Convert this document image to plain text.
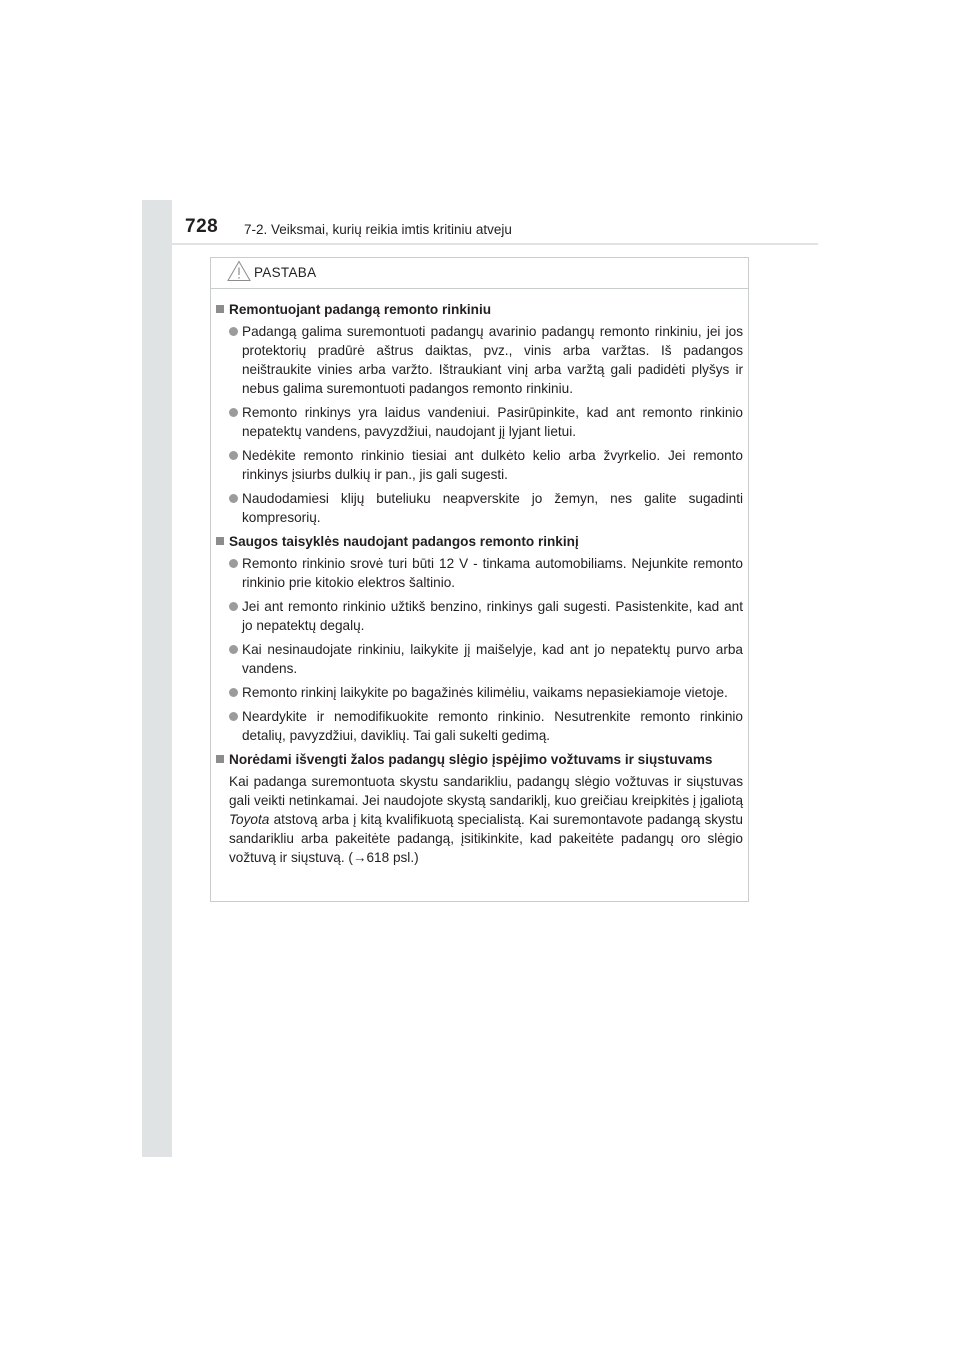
728 7-2. Veiksmai, kurių reikia imtis kritiniu atveju
PASTABA
Remontuojant padangą remonto rinkiniu
Padangą galima suremontuoti padangų avarinio padangų remonto rinkiniu, jei jos protektorių pradūrė aštrus daiktas, pvz., vinis arba varžtas. Iš padangos neištraukite vinies arba varžto. Ištraukiant vinį arba varžtą gali padidėti plyšys ir nebus galima suremontuoti padangos remonto rinkiniu.
Remonto rinkinys yra laidus vandeniui. Pasirūpinkite, kad ant remonto rinkinio nepatektų vandens, pavyzdžiui, naudojant jį lyjant lietui.
Nedėkite remonto rinkinio tiesiai ant dulkėto kelio arba žvyrkelio. Jei remonto rinkinys įsiurbs dulkių ir pan., jis gali sugesti.
Naudodamiesi klijų buteliuku neapverskite jo žemyn, nes galite sugadinti kompresorių.
Saugos taisyklės naudojant padangos remonto rinkinį
Remonto rinkinio srovė turi būti 12 V - tinkama automobiliams. Nejunkite remonto rinkinio prie kitokio elektros šaltinio.
Jei ant remonto rinkinio užtikš benzino, rinkinys gali sugesti. Pasistenkite, kad ant jo nepatektų degalų.
Kai nesinaudojate rinkiniu, laikykite jį maišelyje, kad ant jo nepatektų purvo arba vandens.
Remonto rinkinį laikykite po bagažinės kilimėliu, vaikams nepasiekiamoje vietoje.
Neardykite ir nemodifikuokite remonto rinkinio. Nesutrenkite remonto rinkinio detalių, pavyzdžiui, daviklių. Tai gali sukelti gedimą.
Norėdami išvengti žalos padangų slėgio įspėjimo vožtuvams ir siųstuvams
Kai padanga suremontuota skystu sandarikliu, padangų slėgio vožtuvas ir siųstuvas gali veikti netinkamai. Jei naudojote skystą sandariklį, kuo greičiau kreipkitės į įgaliotą Toyota atstovą arba į kitą kvalifikuotą specialistą. Kai suremontavote padangą skystu sandarikliu arba pakeitėte padangą, įsitikinkite, kad pakeitėte padangų oro slėgio vožtuvą ir siųstuvą. (→618 psl.)
